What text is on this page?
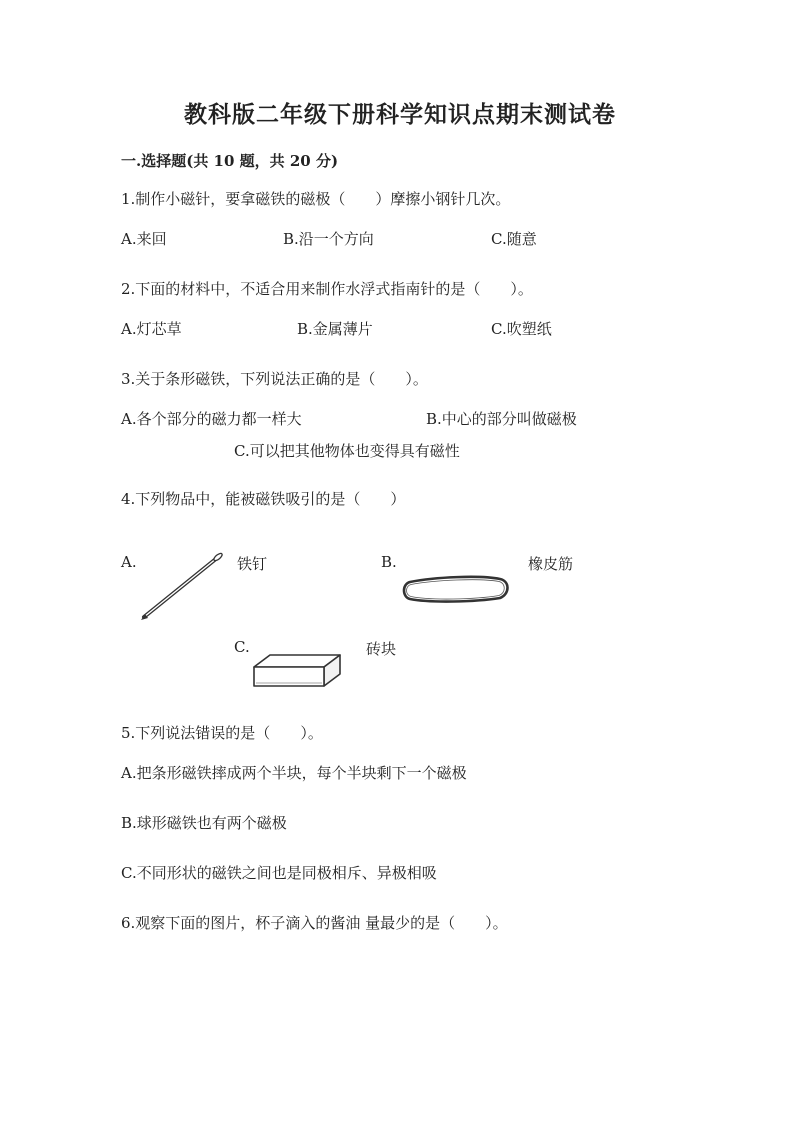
教科版二年级下册科学知识点期末测试卷
一.选择题(共 10 题，共 20 分)
1.制作小磁针，要拿磁铁的磁极（　　）摩擦小钢针几次。
A.来回	B.沿一个方向	C.随意
2.下面的材料中，不适合用来制作水浮式指南针的是（　　）。
A.灯芯草	B.金属薄片	C.吹塑纸
3.关于条形磁铁，下列说法正确的是（　　）。
A.各个部分的磁力都一样大	B.中心的部分叫做磁极
C.可以把其他物体也变得具有磁性
4.下列物品中，能被磁铁吸引的是（　　）
A.	铁钉	B.	橡皮筋
C.	砖块
5.下列说法错误的是（　　）。
A.把条形磁铁摔成两个半块，每个半块剩下一个磁极
B.球形磁铁也有两个磁极
C.不同形状的磁铁之间也是同极相斥、异极相吸
6.观察下面的图片，杯子滴入的酱油 量最少的是（　　）。
